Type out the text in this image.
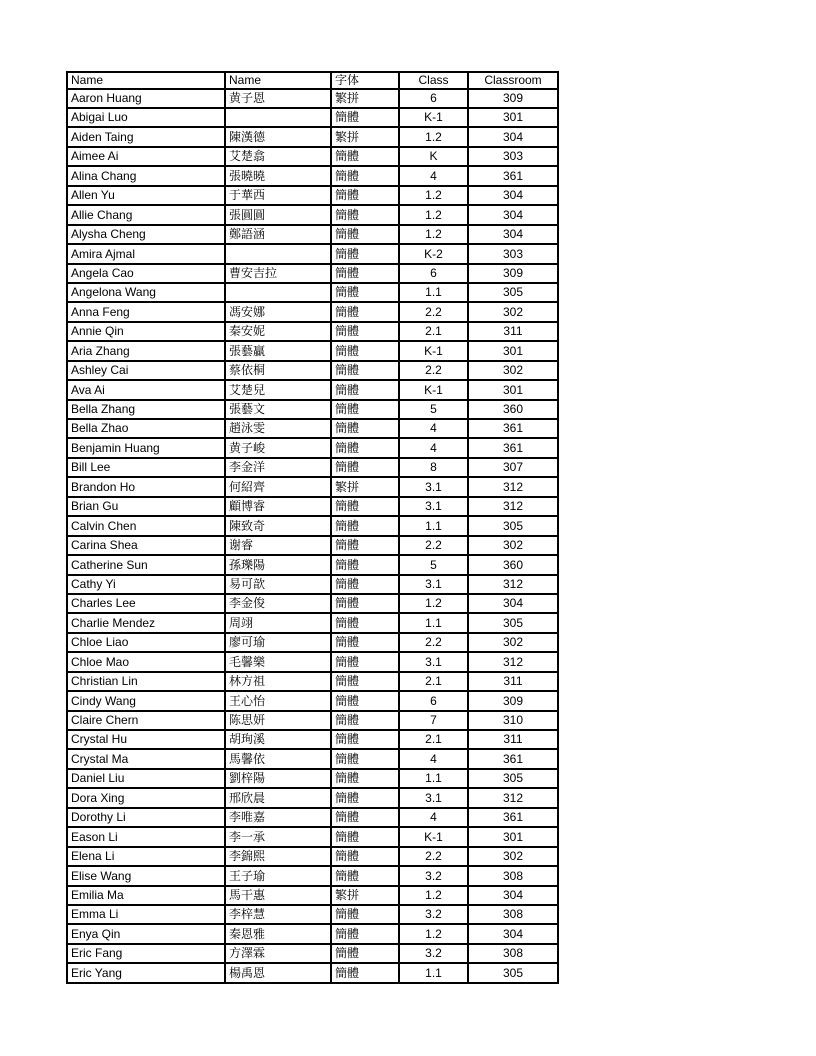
Name	Name	字体	Class	Classroom
Aaron Huang	黄子恩	繁拼	6	309
Abigai Luo		簡體	K-1	301
Aiden Taing	陳漢德	繁拼	1.2	304
Aimee Ai	艾楚翕	簡體	K	303
Alina Chang	張曉曉	簡體	4	361
Allen Yu	于華西	簡體	1.2	304
Allie Chang	張圓圓	簡體	1.2	304
Alysha Cheng	鄭語涵	簡體	1.2	304
Amira Ajmal		簡體	K-2	303
Angela Cao	曹安吉拉	簡體	6	309
Angelona Wang		簡體	1.1	305
Anna Feng	馮安娜	簡體	2.2	302
Annie Qin	秦安妮	簡體	2.1	311
Aria Zhang	張藝贏	簡體	K-1	301
Ashley Cai	蔡依桐	簡體	2.2	302
Ava Ai	艾楚兒	簡體	K-1	301
Bella Zhang	張藝文	簡體	5	360
Bella Zhao	趙泳雯	簡體	4	361
Benjamin Huang	黄子峻	簡體	4	361
Bill Lee	李金洋	簡體	8	307
Brandon Ho	何紹齊	繁拼	3.1	312
Brian Gu	顧博睿	簡體	3.1	312
Calvin Chen	陳致奇	簡體	1.1	305
Carina Shea	谢睿	簡體	2.2	302
Catherine Sun	孫瓅陽	簡體	5	360
Cathy Yi	易可歆	簡體	3.1	312
Charles Lee	李金俊	簡體	1.2	304
Charlie Mendez	周翊	簡體	1.1	305
Chloe Liao	廖可瑜	簡體	2.2	302
Chloe Mao	毛馨樂	簡體	3.1	312
Christian Lin	林方祖	簡體	2.1	311
Cindy Wang	王心怡	簡體	6	309
Claire Chern	陈思妍	簡體	7	310
Crystal Hu	胡珣溪	簡體	2.1	311
Crystal Ma	馬馨依	簡體	4	361
Daniel Liu	劉梓陽	簡體	1.1	305
Dora Xing	邢欣晨	簡體	3.1	312
Dorothy Li	李唯嘉	簡體	4	361
Eason Li	李一承	簡體	K-1	301
Elena Li	李錦熙	簡體	2.2	302
Elise Wang	王子瑜	簡體	3.2	308
Emilia Ma	馬干惠	繁拼	1.2	304
Emma Li	李梓慧	簡體	3.2	308
Enya Qin	秦恩雅	簡體	1.2	304
Eric Fang	方澤霖	簡體	3.2	308
Eric Yang	楊禹恩	簡體	1.1	305
